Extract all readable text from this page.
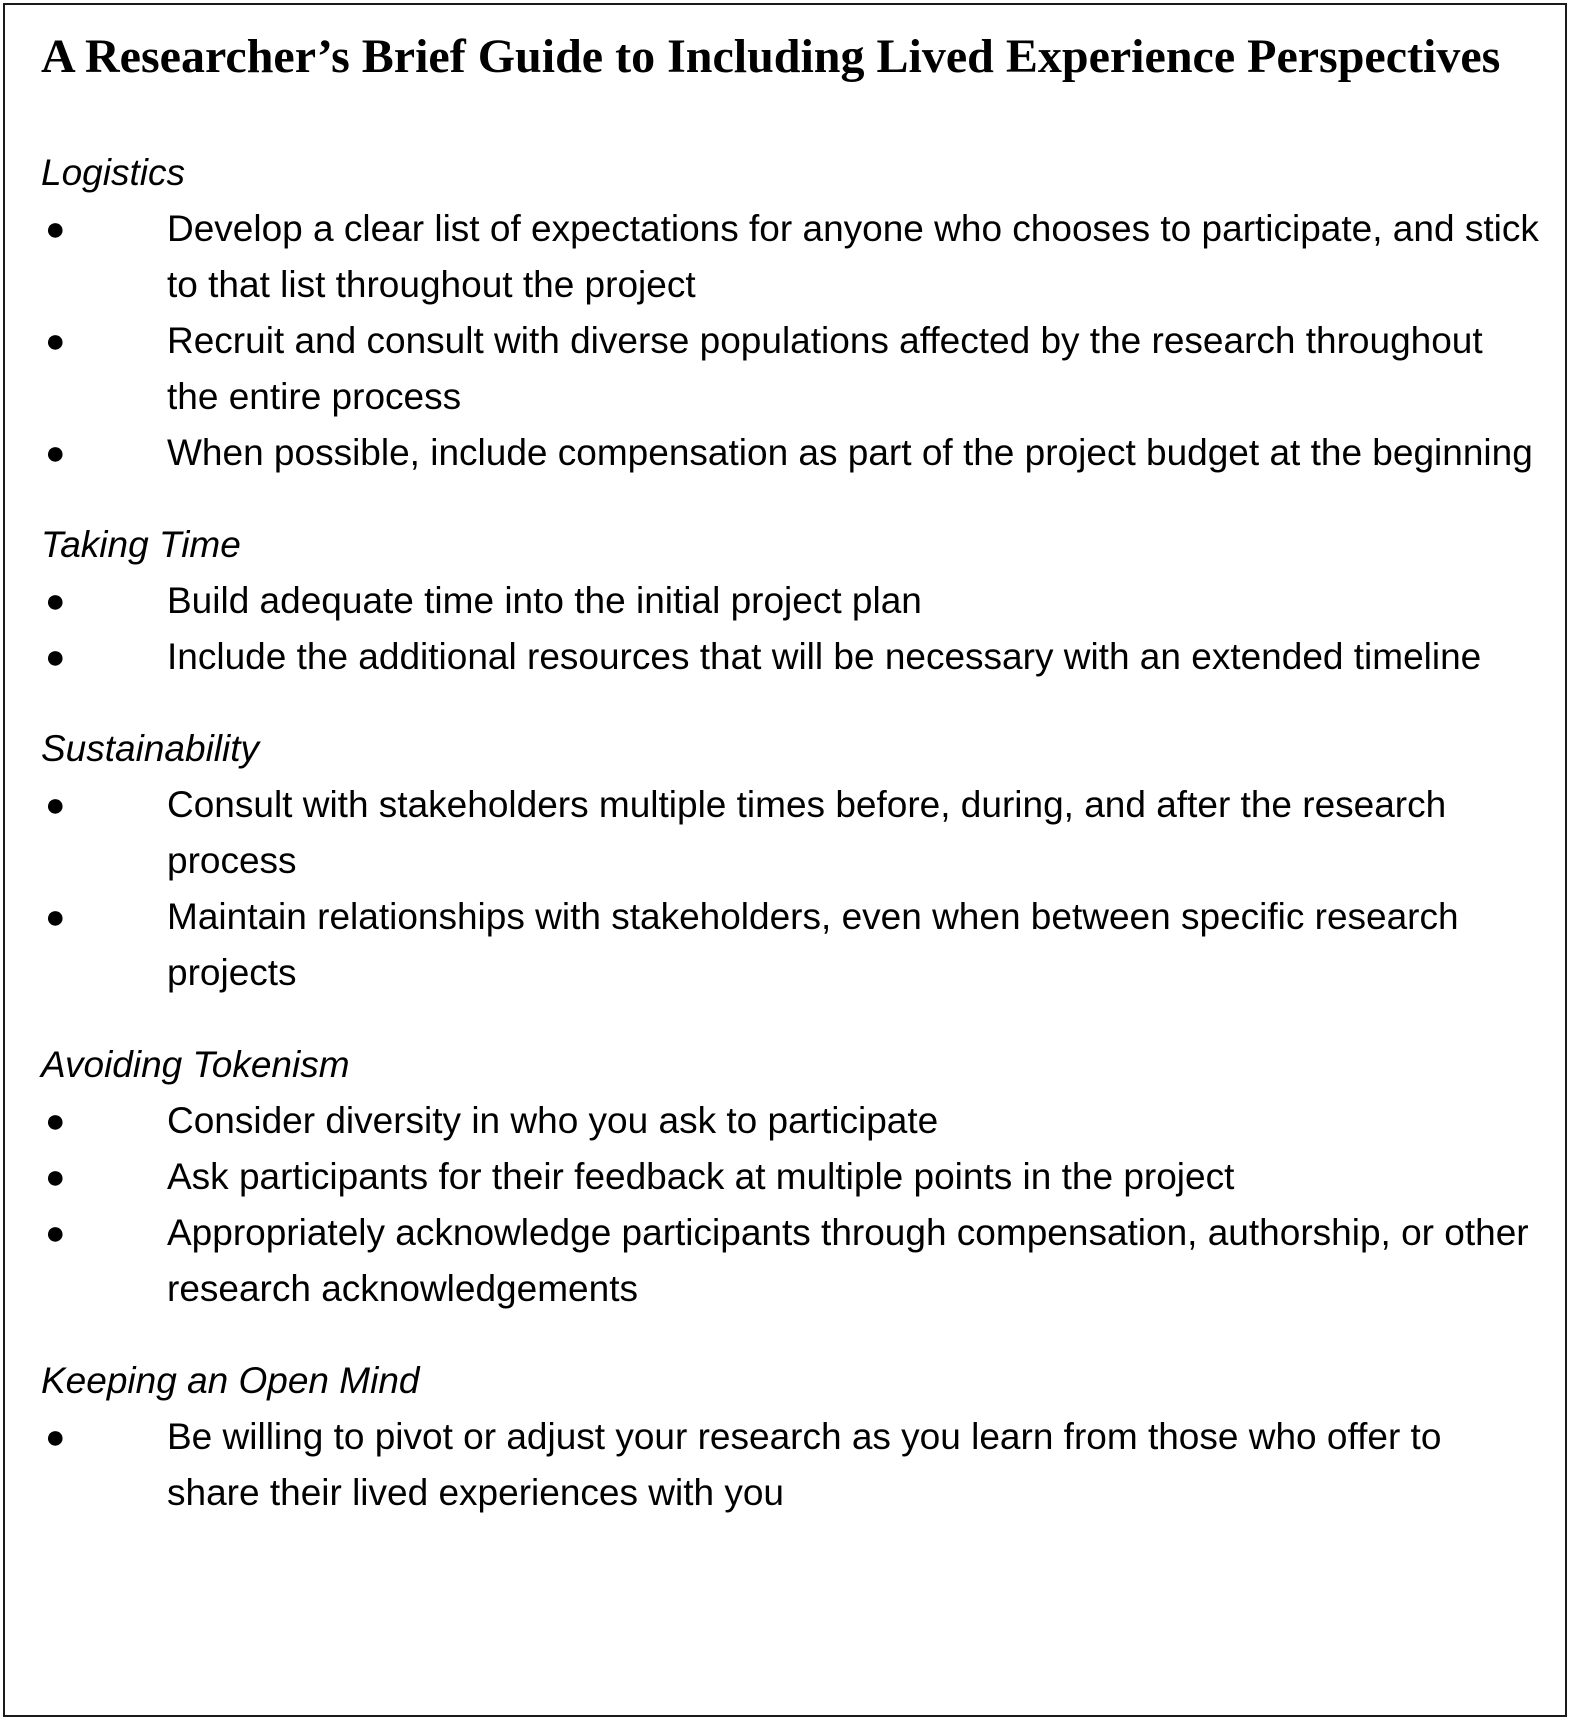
A Researcher’s Brief Guide to Including Lived Experience Perspectives

Logistics

●
Develop a clear list of expectations for anyone who chooses to participate, and stick to that list throughout the project
●
Recruit and consult with diverse populations affected by the research throughout the entire process
●
When possible, include compensation as part of the project budget at the beginning

Taking Time

●
Build adequate time into the initial project plan
●
Include the additional resources that will be necessary with an extended timeline

Sustainability

●
Consult with stakeholders multiple times before, during, and after the research process
●
Maintain relationships with stakeholders, even when between specific research projects

Avoiding Tokenism

●
Consider diversity in who you ask to participate
●
Ask participants for their feedback at multiple points in the project
●
Appropriately acknowledge participants through compensation, authorship, or other research acknowledgements

Keeping an Open Mind

●
Be willing to pivot or adjust your research as you learn from those who offer to share their lived experiences with you
